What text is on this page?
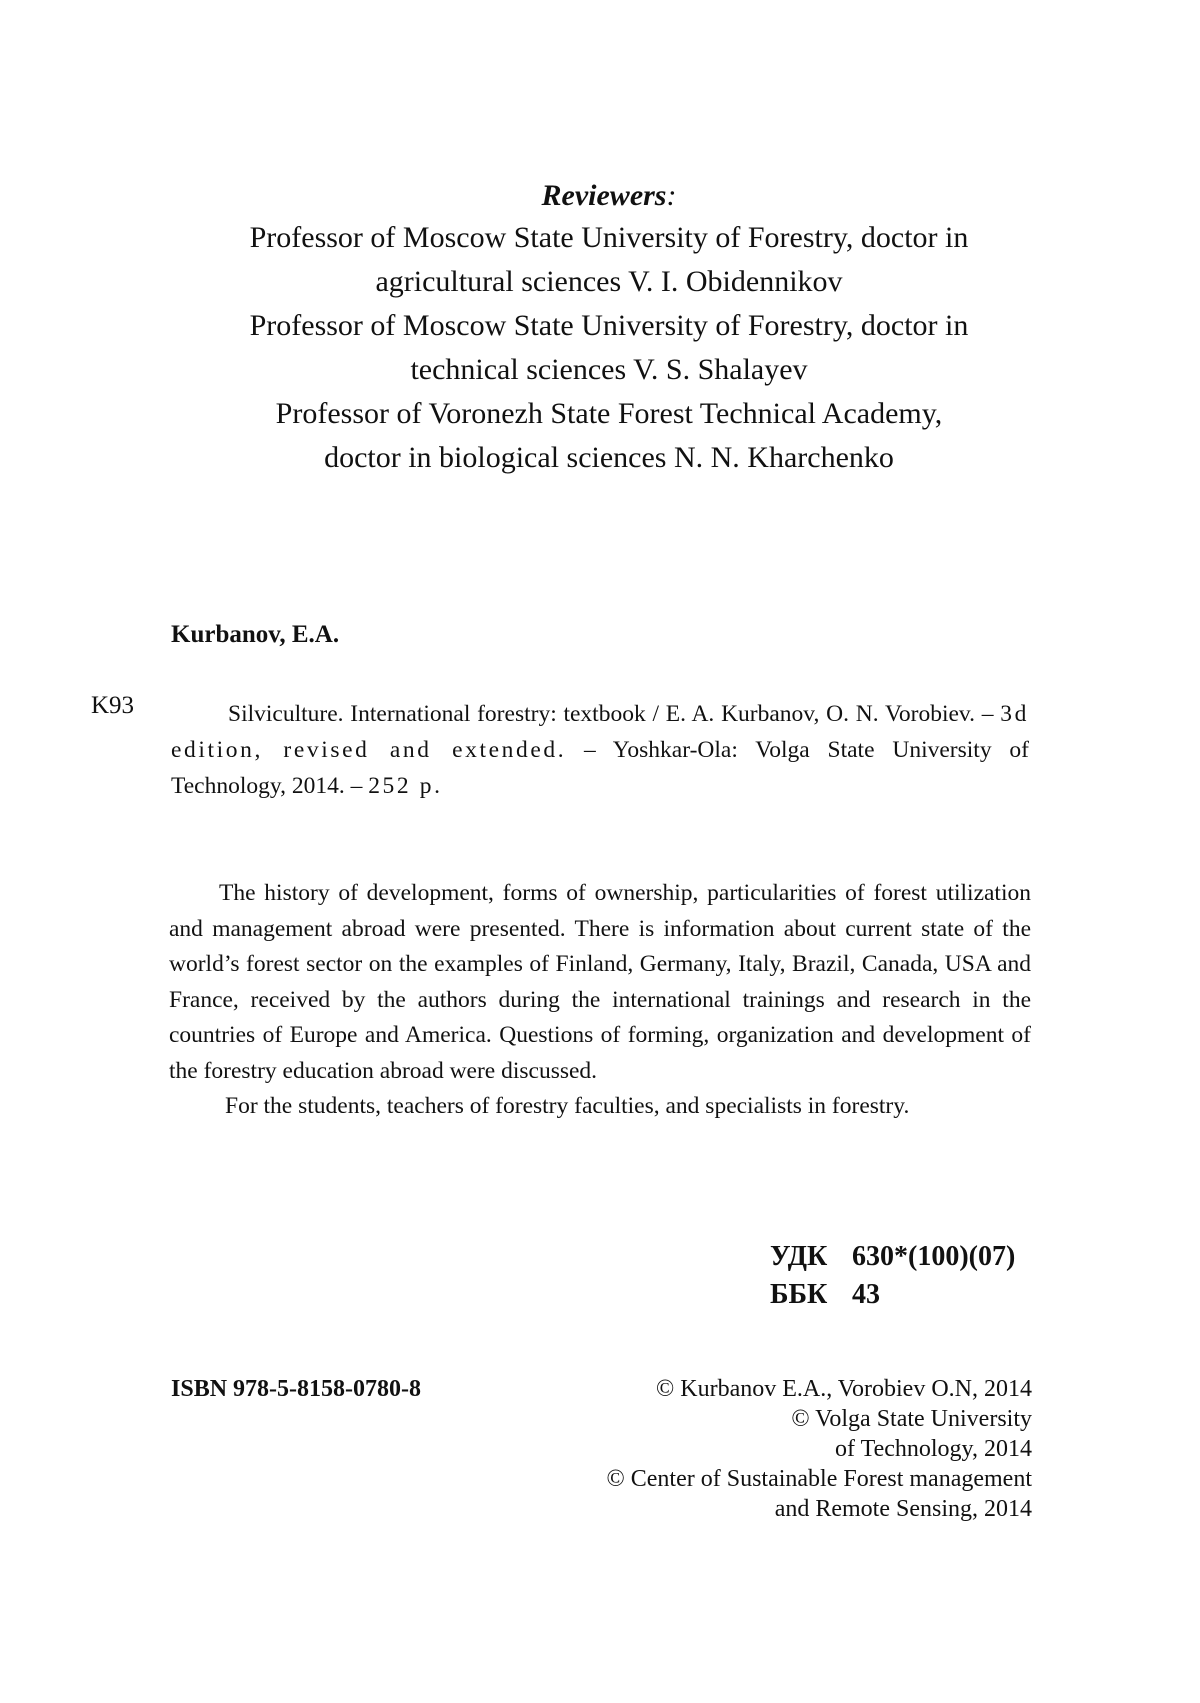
Reviewers:
Professor of Moscow State University of Forestry, doctor in
agricultural sciences V. I. Obidennikov
Professor of Moscow State University of Forestry, doctor in
technical sciences V. S. Shalayev
Professor of Voronezh State Forest Technical Academy,
doctor in biological sciences N. N. Kharchenko
Kurbanov, E.A.
K93	Silviculture. International forestry: textbook / E. A. Kurbanov, O. N. Vorobiev. – 3d edition, revised and extended. – Yoshkar-Ola: Volga State University of Technology, 2014. – 252 p.

The history of development, forms of ownership, particularities of forest utilization and management abroad were presented. There is information about current state of the world’s forest sector on the examples of Finland, Germany, Italy, Brazil, Canada, USA and France, received by the authors during the international trainings and research in the countries of Europe and America. Questions of forming, organization and development of the forestry education abroad were discussed.

For the students, teachers of forestry faculties, and specialists in forestry.

УДК 630*(100)(07)
ББК 43
ISBN 978-5-8158-0780-8	© Kurbanov E.A., Vorobiev O.N, 2014
© Volga State University
of Technology, 2014
© Center of Sustainable Forest management
and Remote Sensing, 2014
